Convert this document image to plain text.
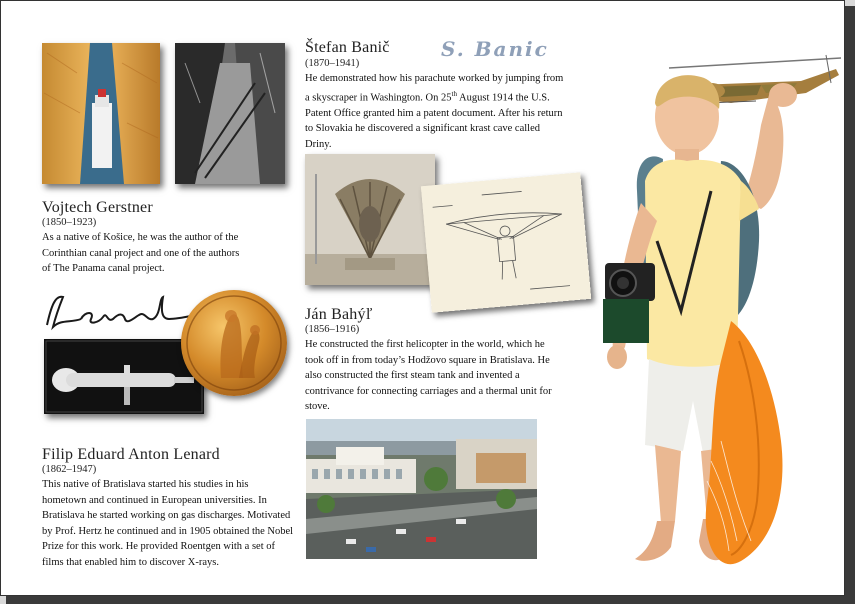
Vojtech Gerstner
(1850–1923)

As a native of Košice, he was the author of the Corinthian canal project and one of the authors of The Panama canal project.

Filip Eduard Anton Lenard
(1862–1947)

This native of Bratislava started his studies in his hometown and continued in European universities. In Bratislava he started working on gas discharges. Motivated by Prof. Hertz he continued and in 1905 obtained the Nobel Prize for this work. He provided Roentgen with a set of films that enabled him to discover X-rays.

Štefan Banič	S. Banic
(1870–1941)

He demonstrated how his parachute worked by jumping from a skyscraper in Washington. On 25th August 1914 the U.S. Patent Office granted him a patent document. After his return to Slovakia he discovered a significant krast cave called Driny.

Ján Bahýľ
(1856–1916)

He constructed the first helicopter in the world, which he took off in from today’s Hodžovo square in Bratislava. He also constructed the first steam tank and invented a contrivance for connecting carriages and a thermal unit for stove.
